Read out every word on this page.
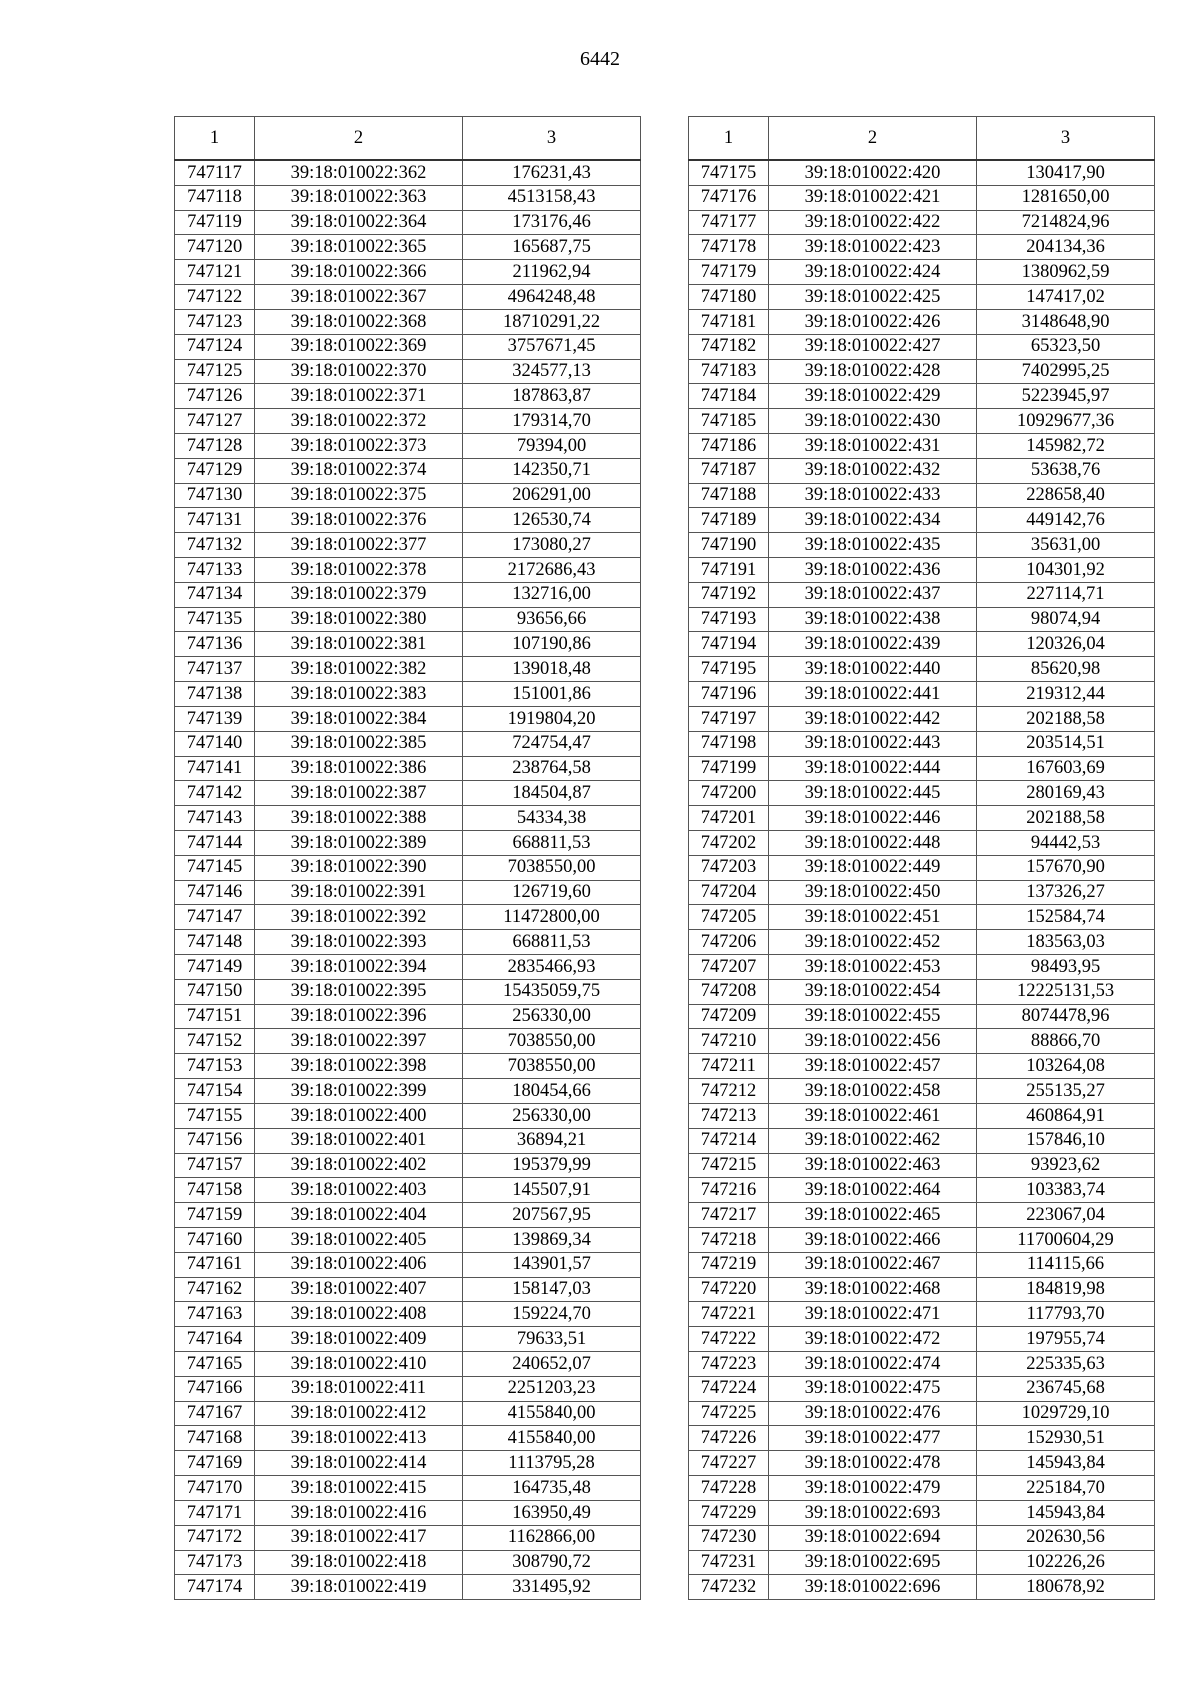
6442
1	2	3
747117	39:18:010022:362	176231,43
747118	39:18:010022:363	4513158,43
747119	39:18:010022:364	173176,46
747120	39:18:010022:365	165687,75
747121	39:18:010022:366	211962,94
747122	39:18:010022:367	4964248,48
747123	39:18:010022:368	18710291,22
747124	39:18:010022:369	3757671,45
747125	39:18:010022:370	324577,13
747126	39:18:010022:371	187863,87
747127	39:18:010022:372	179314,70
747128	39:18:010022:373	79394,00
747129	39:18:010022:374	142350,71
747130	39:18:010022:375	206291,00
747131	39:18:010022:376	126530,74
747132	39:18:010022:377	173080,27
747133	39:18:010022:378	2172686,43
747134	39:18:010022:379	132716,00
747135	39:18:010022:380	93656,66
747136	39:18:010022:381	107190,86
747137	39:18:010022:382	139018,48
747138	39:18:010022:383	151001,86
747139	39:18:010022:384	1919804,20
747140	39:18:010022:385	724754,47
747141	39:18:010022:386	238764,58
747142	39:18:010022:387	184504,87
747143	39:18:010022:388	54334,38
747144	39:18:010022:389	668811,53
747145	39:18:010022:390	7038550,00
747146	39:18:010022:391	126719,60
747147	39:18:010022:392	11472800,00
747148	39:18:010022:393	668811,53
747149	39:18:010022:394	2835466,93
747150	39:18:010022:395	15435059,75
747151	39:18:010022:396	256330,00
747152	39:18:010022:397	7038550,00
747153	39:18:010022:398	7038550,00
747154	39:18:010022:399	180454,66
747155	39:18:010022:400	256330,00
747156	39:18:010022:401	36894,21
747157	39:18:010022:402	195379,99
747158	39:18:010022:403	145507,91
747159	39:18:010022:404	207567,95
747160	39:18:010022:405	139869,34
747161	39:18:010022:406	143901,57
747162	39:18:010022:407	158147,03
747163	39:18:010022:408	159224,70
747164	39:18:010022:409	79633,51
747165	39:18:010022:410	240652,07
747166	39:18:010022:411	2251203,23
747167	39:18:010022:412	4155840,00
747168	39:18:010022:413	4155840,00
747169	39:18:010022:414	1113795,28
747170	39:18:010022:415	164735,48
747171	39:18:010022:416	163950,49
747172	39:18:010022:417	1162866,00
747173	39:18:010022:418	308790,72
747174	39:18:010022:419	331495,92
1	2	3
747175	39:18:010022:420	130417,90
747176	39:18:010022:421	1281650,00
747177	39:18:010022:422	7214824,96
747178	39:18:010022:423	204134,36
747179	39:18:010022:424	1380962,59
747180	39:18:010022:425	147417,02
747181	39:18:010022:426	3148648,90
747182	39:18:010022:427	65323,50
747183	39:18:010022:428	7402995,25
747184	39:18:010022:429	5223945,97
747185	39:18:010022:430	10929677,36
747186	39:18:010022:431	145982,72
747187	39:18:010022:432	53638,76
747188	39:18:010022:433	228658,40
747189	39:18:010022:434	449142,76
747190	39:18:010022:435	35631,00
747191	39:18:010022:436	104301,92
747192	39:18:010022:437	227114,71
747193	39:18:010022:438	98074,94
747194	39:18:010022:439	120326,04
747195	39:18:010022:440	85620,98
747196	39:18:010022:441	219312,44
747197	39:18:010022:442	202188,58
747198	39:18:010022:443	203514,51
747199	39:18:010022:444	167603,69
747200	39:18:010022:445	280169,43
747201	39:18:010022:446	202188,58
747202	39:18:010022:448	94442,53
747203	39:18:010022:449	157670,90
747204	39:18:010022:450	137326,27
747205	39:18:010022:451	152584,74
747206	39:18:010022:452	183563,03
747207	39:18:010022:453	98493,95
747208	39:18:010022:454	12225131,53
747209	39:18:010022:455	8074478,96
747210	39:18:010022:456	88866,70
747211	39:18:010022:457	103264,08
747212	39:18:010022:458	255135,27
747213	39:18:010022:461	460864,91
747214	39:18:010022:462	157846,10
747215	39:18:010022:463	93923,62
747216	39:18:010022:464	103383,74
747217	39:18:010022:465	223067,04
747218	39:18:010022:466	11700604,29
747219	39:18:010022:467	114115,66
747220	39:18:010022:468	184819,98
747221	39:18:010022:471	117793,70
747222	39:18:010022:472	197955,74
747223	39:18:010022:474	225335,63
747224	39:18:010022:475	236745,68
747225	39:18:010022:476	1029729,10
747226	39:18:010022:477	152930,51
747227	39:18:010022:478	145943,84
747228	39:18:010022:479	225184,70
747229	39:18:010022:693	145943,84
747230	39:18:010022:694	202630,56
747231	39:18:010022:695	102226,26
747232	39:18:010022:696	180678,92
